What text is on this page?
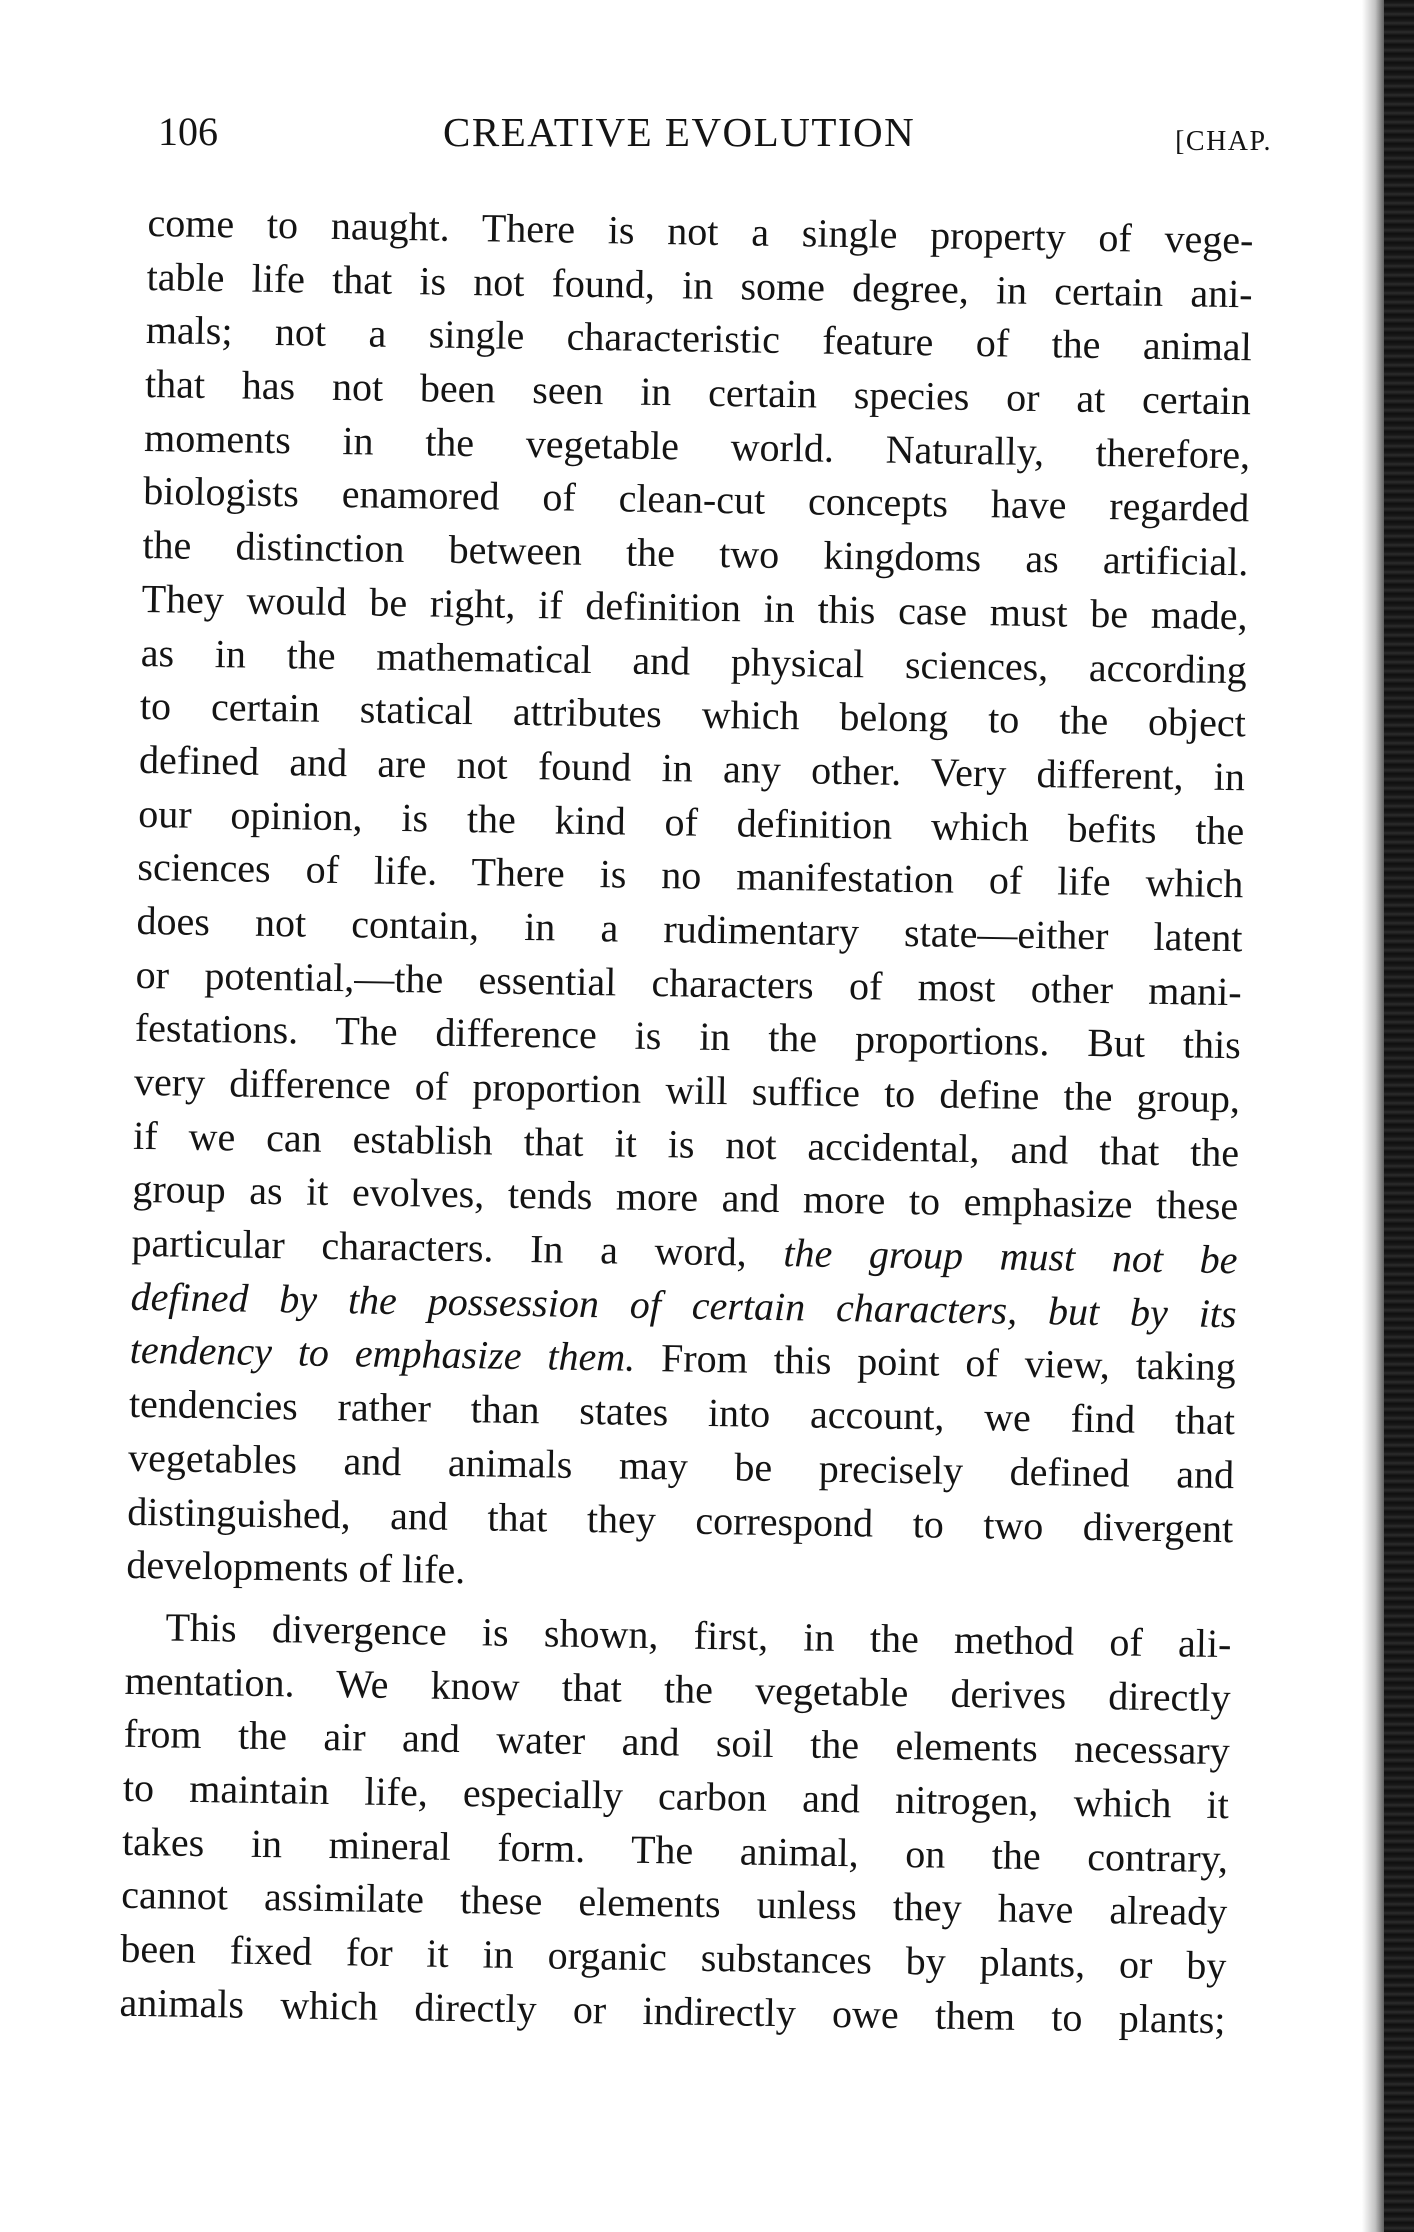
106	CREATIVE EVOLUTION	[CHAP.
come to naught. There is not a single property of vege-
table life that is not found, in some degree, in certain ani-
mals; not a single characteristic feature of the animal
that has not been seen in certain species or at certain
moments in the vegetable world. Naturally, therefore,
biologists enamored of clean-cut concepts have regarded
the distinction between the two kingdoms as artificial.
They would be right, if definition in this case must be made,
as in the mathematical and physical sciences, according
to certain statical attributes which belong to the object
defined and are not found in any other. Very different, in
our opinion, is the kind of definition which befits the
sciences of life. There is no manifestation of life which
does not contain, in a rudimentary state—either latent
or potential,—the essential characters of most other mani-
festations. The difference is in the proportions. But this
very difference of proportion will suffice to define the group,
if we can establish that it is not accidental, and that the
group as it evolves, tends more and more to emphasize these
particular characters. In a word, the group must not be
defined by the possession of certain characters, but by its
tendency to emphasize them. From this point of view, taking
tendencies rather than states into account, we find that
vegetables and animals may be precisely defined and
distinguished, and that they correspond to two divergent
developments of life.
This divergence is shown, first, in the method of ali-
mentation. We know that the vegetable derives directly
from the air and water and soil the elements necessary
to maintain life, especially carbon and nitrogen, which it
takes in mineral form. The animal, on the contrary,
cannot assimilate these elements unless they have already
been fixed for it in organic substances by plants, or by
animals which directly or indirectly owe them to plants;
